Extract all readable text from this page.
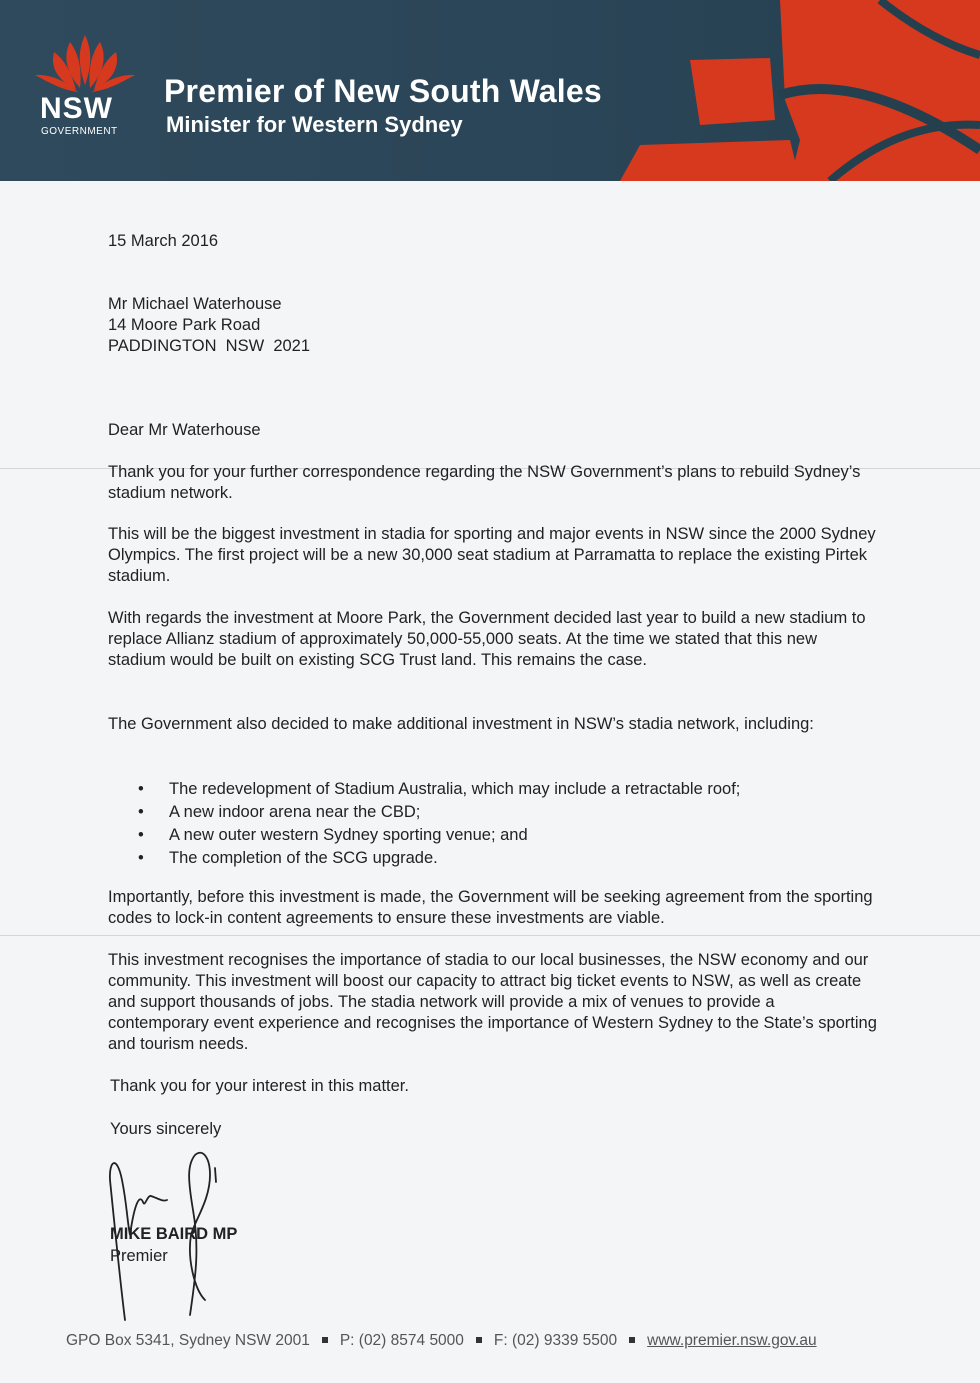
NSW
GOVERNMENT
Premier of New South Wales
Minister for Western Sydney
15 March 2016
Mr Michael Waterhouse
14 Moore Park Road
PADDINGTON  NSW  2021
Dear Mr Waterhouse
Thank you for your further correspondence regarding the NSW Government’s plans to rebuild Sydney’s stadium network.
This will be the biggest investment in stadia for sporting and major events in NSW since the 2000 Sydney Olympics. The first project will be a new 30,000 seat stadium at Parramatta to replace the existing Pirtek stadium.
With regards the investment at Moore Park, the Government decided last year to build a new stadium to replace Allianz stadium of approximately 50,000-55,000 seats. At the time we stated that this new stadium would be built on existing SCG Trust land. This remains the case.
The Government also decided to make additional investment in NSW’s stadia network, including:
• The redevelopment of Stadium Australia, which may include a retractable roof;
• A new indoor arena near the CBD;
• A new outer western Sydney sporting venue; and
• The completion of the SCG upgrade.
Importantly, before this investment is made, the Government will be seeking agreement from the sporting codes to lock-in content agreements to ensure these investments are viable.
This investment recognises the importance of stadia to our local businesses, the NSW economy and our community. This investment will boost our capacity to attract big ticket events to NSW, as well as create and support thousands of jobs. The stadia network will provide a mix of venues to provide a contemporary event experience and recognises the importance of Western Sydney to the State’s sporting and tourism needs.
Thank you for your interest in this matter.
Yours sincerely
MIKE BAIRD MP
Premier
GPO Box 5341, Sydney NSW 2001 P: (02) 8574 5000 F: (02) 9339 5500 www.premier.nsw.gov.au
